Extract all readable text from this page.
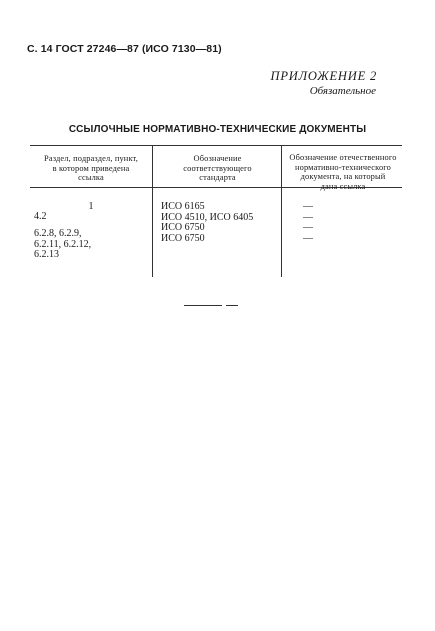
С. 14 ГОСТ 27246—87 (ИСО 7130—81)
ПРИЛОЖЕНИЕ 2
Обязательное
ССЫЛОЧНЫЕ НОРМАТИВНО-ТЕХНИЧЕСКИЕ ДОКУМЕНТЫ
Раздел, подраздел, пункт,
в котором приведена
ссылка
Обозначение
соответствующего
стандарта
Обозначение отечественного
нормативно-технического
документа, на который
дана ссылка
1
4.2
6.2.8, 6.2.9,
6.2.11, 6.2.12,
6.2.13
ИСО 6165
ИСО 4510, ИСО 6405
ИСО 6750
ИСО 6750
—
—
—
—
